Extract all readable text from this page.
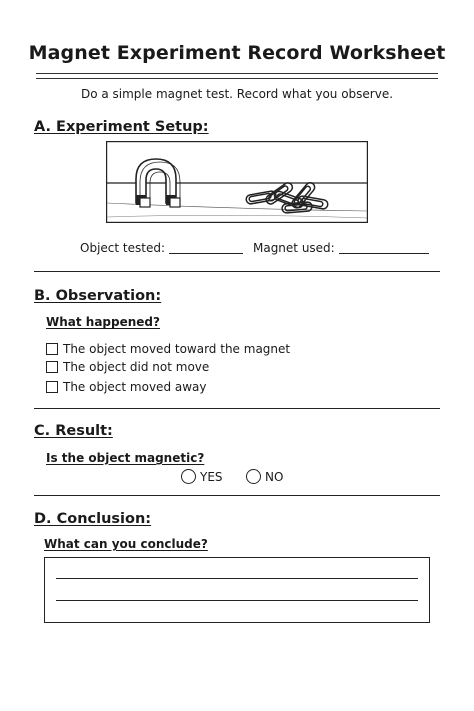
Magnet Experiment Record Worksheet
Do a simple magnet test. Record what you observe.
A. Experiment Setup:
Object tested:	Magnet used:
B. Observation:
What happened?
The object moved toward the magnet
The object did not move
The object moved away
C. Result:
Is the object magnetic?
YES	NO
D. Conclusion:
What can you conclude?
